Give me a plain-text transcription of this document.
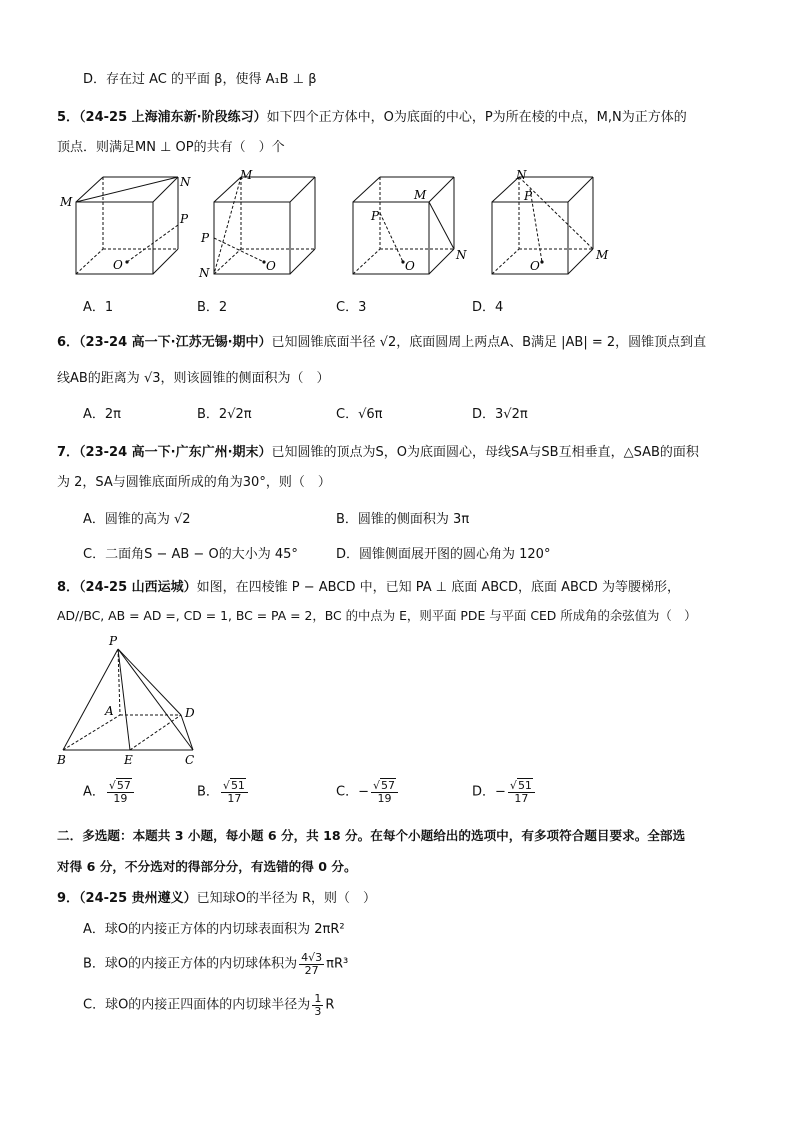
D．存在过 AC 的平面 β，使得 A₁B ⊥ β
5．（24-25 上海浦东新·阶段练习）如下四个正方体中，O为底面的中心，P为所在棱的中点，M,N为正方体的
顶点．则满足MN ⊥ OP的共有（　）个
M
N
P
O
M
P
N	O
M
P
N
O
N
P
O
M
A．1	B．2	C．3	D．4
6．（23-24 高一下·江苏无锡·期中）已知圆锥底面半径 √2，底面圆周上两点A、B满足 |AB| = 2，圆锥顶点到直
线AB的距离为 √3，则该圆锥的侧面积为（　）
A．2π	B．2√2π	C．√6π	D．3√2π
7．（23-24 高一下·广东广州·期末）已知圆锥的顶点为S，O为底面圆心，母线SA与SB互相垂直，△SAB的面积
为 2，SA与圆锥底面所成的角为30°，则（　）
A．圆锥的高为 √2	B．圆锥的侧面积为 3π
C．二面角S − AB − O的大小为 45°	D．圆锥侧面展开图的圆心角为 120°
8．（24-25 山西运城）如图，在四棱锥 P − ABCD 中，已知 PA ⊥ 底面 ABCD，底面 ABCD 为等腰梯形，
AD//BC, AB = AD =, CD = 1, BC = PA = 2，BC 的中点为 E，则平面 PDE 与平面 CED 所成角的余弦值为（　）
P
A	D
B	E	C
A． $\frac{√57}{19}$	B． $\frac{√51}{17}$	C．− $\frac{√57}{19}$	D．− $\frac{√51}{17}$
二．多选题：本题共 3 小题，每小题 6 分，共 18 分。在每个小题给出的选项中，有多项符合题目要求。全部选
对得 6 分，不分选对的得部分分，有选错的得 0 分。
9．（24-25 贵州遵义）已知球O的半径为 R，则（　）
A．球O的内接正方体的内切球表面积为 2πR²
B．球O的内接正方体的内切球体积为 $\frac{4√3}{27} \pi R^3$
C．球O的内接正四面体的内切球半径为 $\frac{1}{3}$ R
